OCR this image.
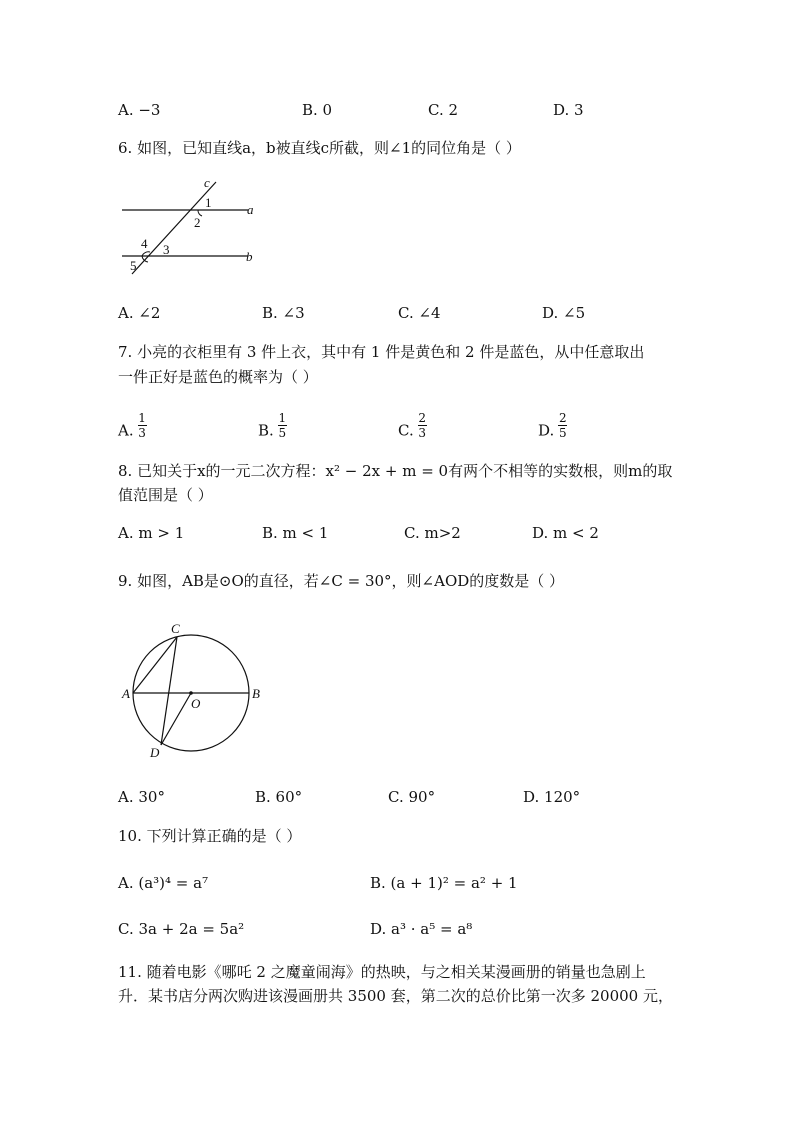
A. −3	B. 0	C. 2	D. 3
6. 如图，已知直线a，b被直线c所截，则∠1的同位角是（ ）
c
a
b
1
2
3
4
5
A. ∠2	B. ∠3	C. ∠4	D. ∠5
7. 小亮的衣柜里有 3 件上衣，其中有 1 件是黄色和 2 件是蓝色，从中任意取出
一件正好是蓝色的概率为（ ）
A. $\frac{1}{3}$	B. $\frac{1}{5}$	C. $\frac{2}{3}$	D. $\frac{2}{5}$
8. 已知关于x的一元二次方程：x² − 2x + m = 0有两个不相等的实数根，则m的取
值范围是（ ）
A. m > 1	B. m < 1	C. m>2	D. m < 2
9. 如图，AB是⊙O的直径，若∠C = 30°，则∠AOD的度数是（ ）
A	B
C
D
O
A. 30°	B. 60°	C. 90°	D. 120°
10. 下列计算正确的是（ ）
A. (a³)⁴ = a⁷	B. (a + 1)² = a² + 1
C. 3a + 2a = 5a²	D. a³ · a⁵ = a⁸
11. 随着电影《哪吒 2 之魔童闹海》的热映，与之相关某漫画册的销量也急剧上
升．某书店分两次购进该漫画册共 3500 套，第二次的总价比第一次多 20000 元，
